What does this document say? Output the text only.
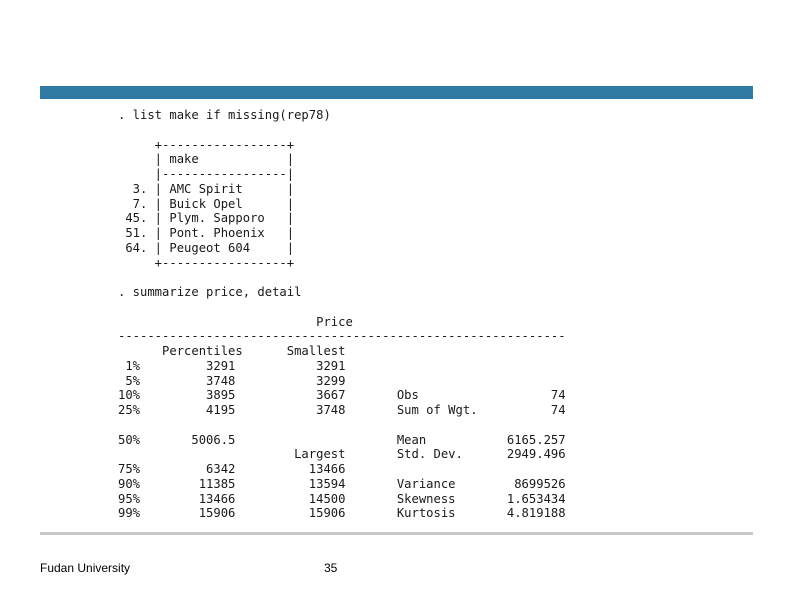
. list make if missing(rep78)

+-----------------+
| make            |
|-----------------|
3. | AMC Spirit      |
7. | Buick Opel      |
45. | Plym. Sapporo   |
51. | Pont. Phoenix   |
64. | Peugeot 604     |
+-----------------+

. summarize price, detail

Price
-------------------------------------------------------------
Percentiles      Smallest
1%         3291           3291
5%         3748           3299
10%         3895           3667       Obs                  74
25%         4195           3748       Sum of Wgt.          74

50%       5006.5                      Mean           6165.257
Largest       Std. Dev.      2949.496
75%         6342          13466
90%        11385          13594       Variance        8699526
95%        13466          14500       Skewness       1.653434
99%        15906          15906       Kurtosis       4.819188
Fudan University	35
